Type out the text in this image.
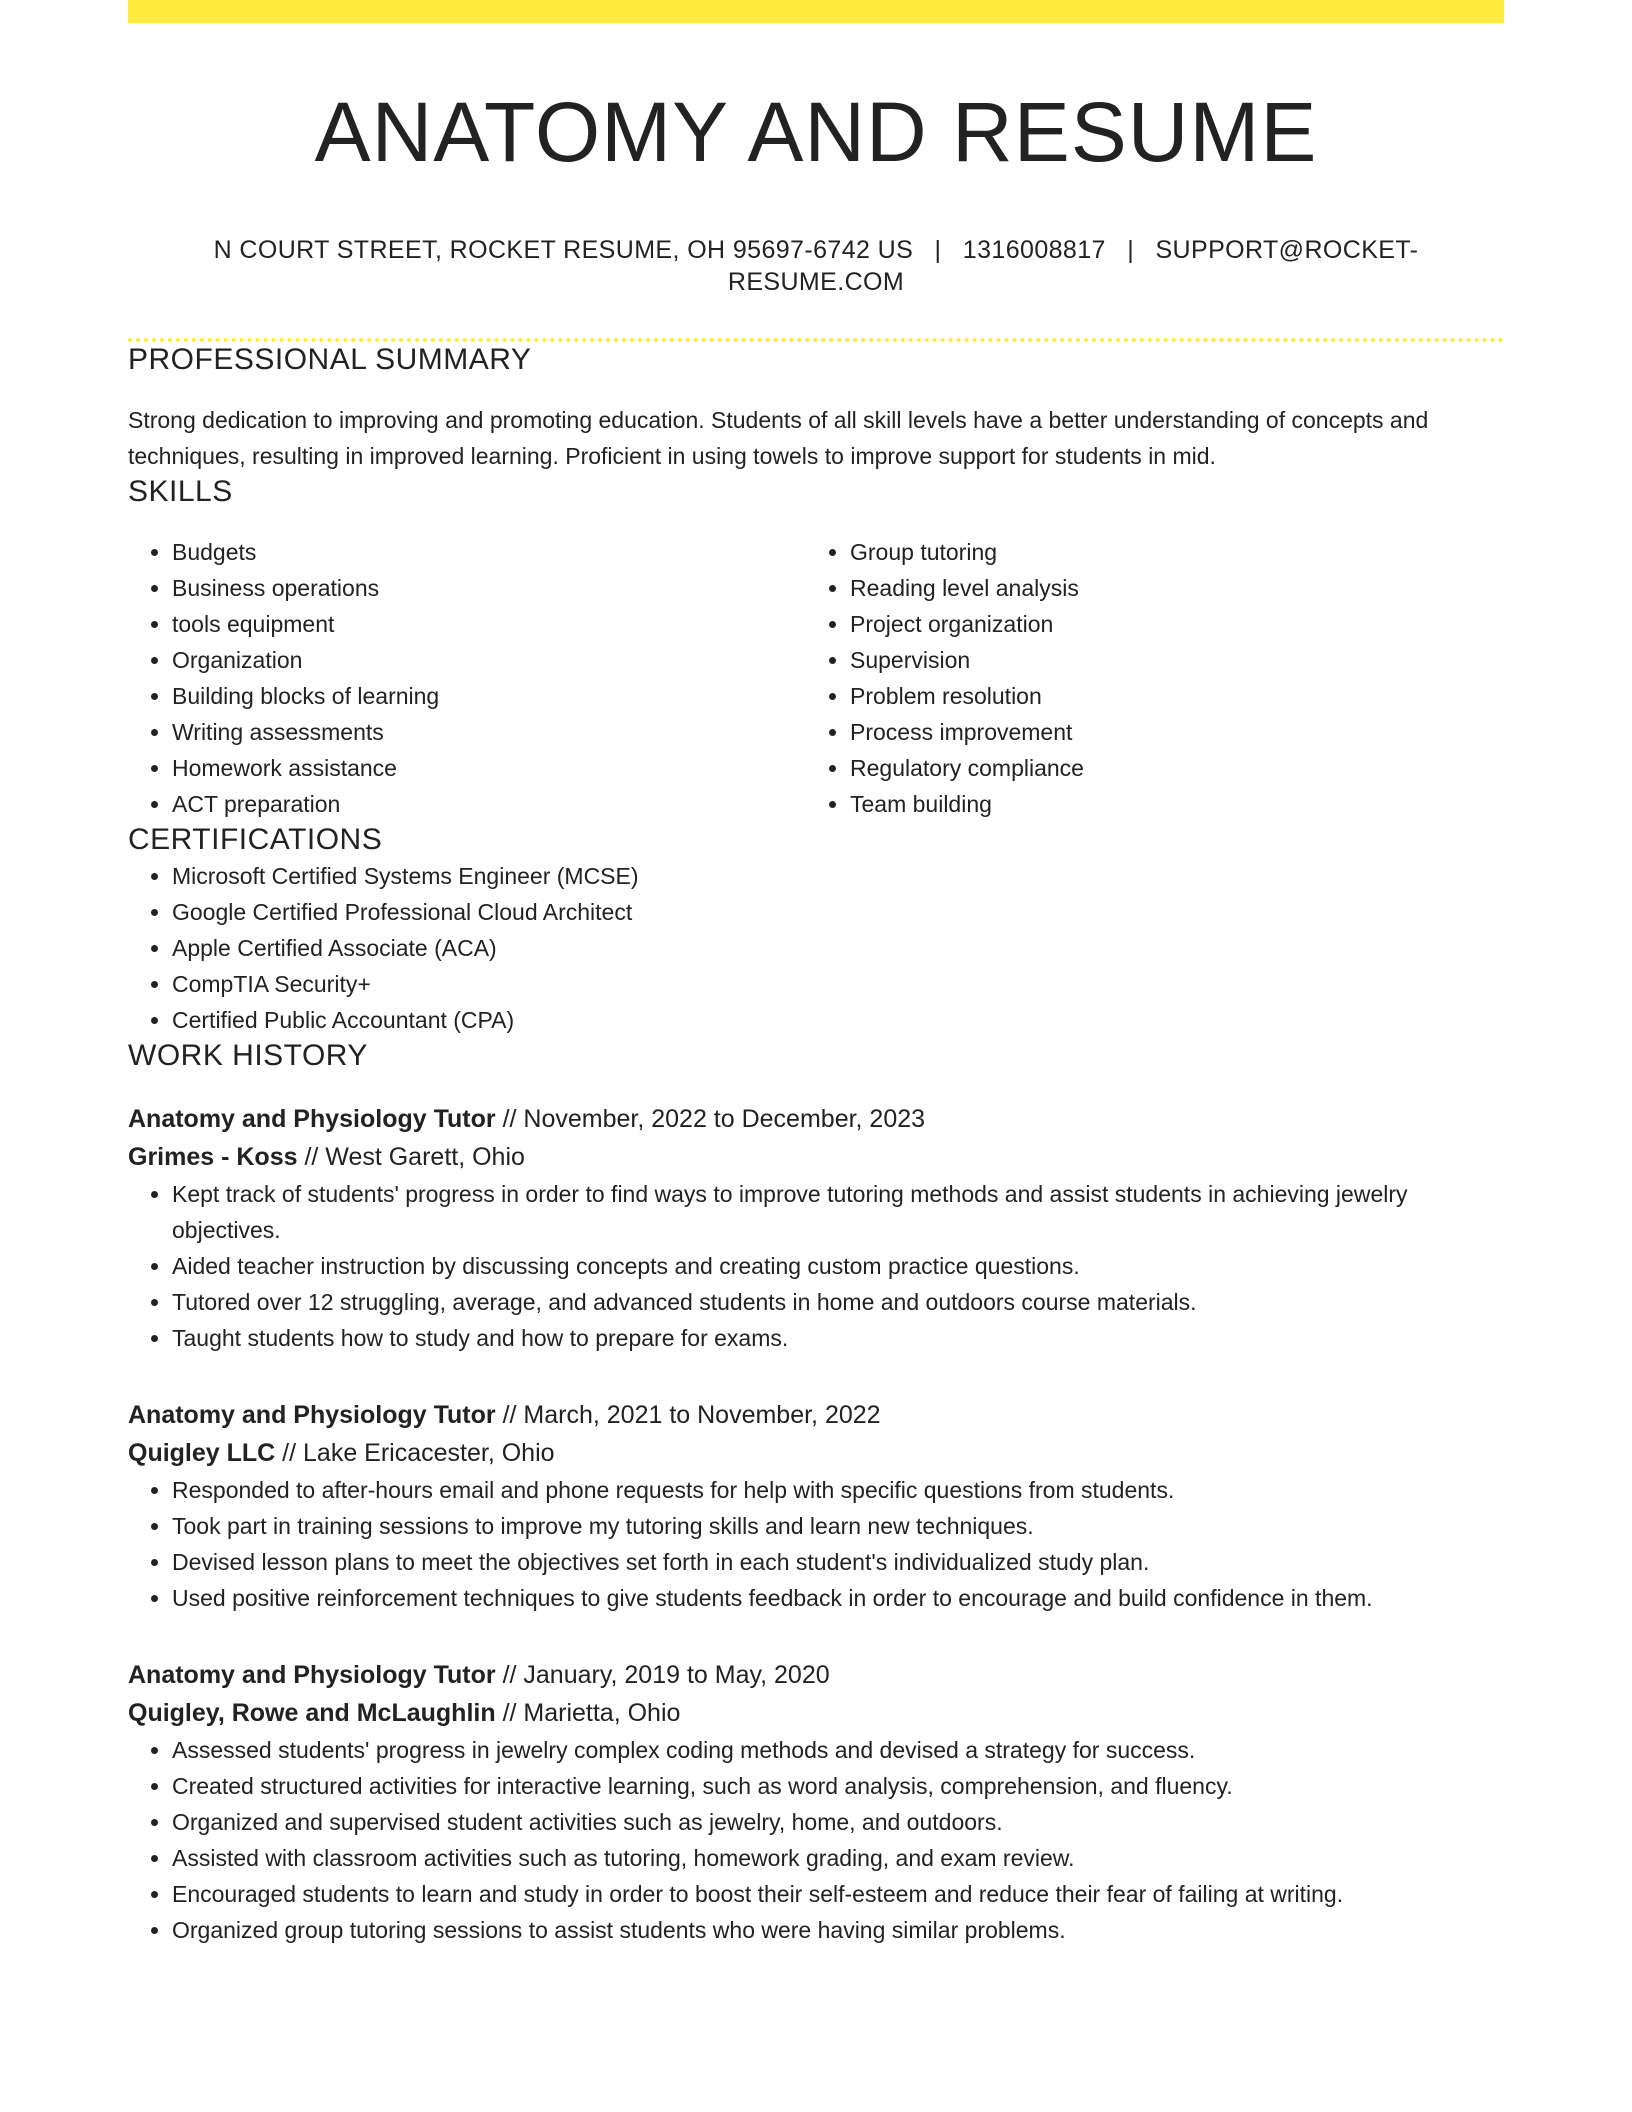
ANATOMY AND RESUME
N COURT STREET, ROCKET RESUME, OH 95697-6742 US | 1316008817 | SUPPORT@ROCKET-RESUME.COM
PROFESSIONAL SUMMARY

Strong dedication to improving and promoting education. Students of all skill levels have a better understanding of concepts and techniques, resulting in improved learning. Proficient in using towels to improve support for students in mid.

SKILLS
• Budgets
• Business operations
• tools equipment
• Organization
• Building blocks of learning
• Writing assessments
• Homework assistance
• ACT preparation
• Group tutoring
• Reading level analysis
• Project organization
• Supervision
• Problem resolution
• Process improvement
• Regulatory compliance
• Team building
CERTIFICATIONS
• Microsoft Certified Systems Engineer (MCSE)
• Google Certified Professional Cloud Architect
• Apple Certified Associate (ACA)
• CompTIA Security+
• Certified Public Accountant (CPA)
WORK HISTORY
Anatomy and Physiology Tutor // November, 2022 to December, 2023
Grimes - Koss // West Garett, Ohio
• Kept track of students' progress in order to find ways to improve tutoring methods and assist students in achieving jewelry objectives.
• Aided teacher instruction by discussing concepts and creating custom practice questions.
• Tutored over 12 struggling, average, and advanced students in home and outdoors course materials.
• Taught students how to study and how to prepare for exams.
Anatomy and Physiology Tutor // March, 2021 to November, 2022
Quigley LLC // Lake Ericacester, Ohio
• Responded to after-hours email and phone requests for help with specific questions from students.
• Took part in training sessions to improve my tutoring skills and learn new techniques.
• Devised lesson plans to meet the objectives set forth in each student's individualized study plan.
• Used positive reinforcement techniques to give students feedback in order to encourage and build confidence in them.
Anatomy and Physiology Tutor // January, 2019 to May, 2020
Quigley, Rowe and McLaughlin // Marietta, Ohio
• Assessed students' progress in jewelry complex coding methods and devised a strategy for success.
• Created structured activities for interactive learning, such as word analysis, comprehension, and fluency.
• Organized and supervised student activities such as jewelry, home, and outdoors.
• Assisted with classroom activities such as tutoring, homework grading, and exam review.
• Encouraged students to learn and study in order to boost their self-esteem and reduce their fear of failing at writing.
• Organized group tutoring sessions to assist students who were having similar problems.
